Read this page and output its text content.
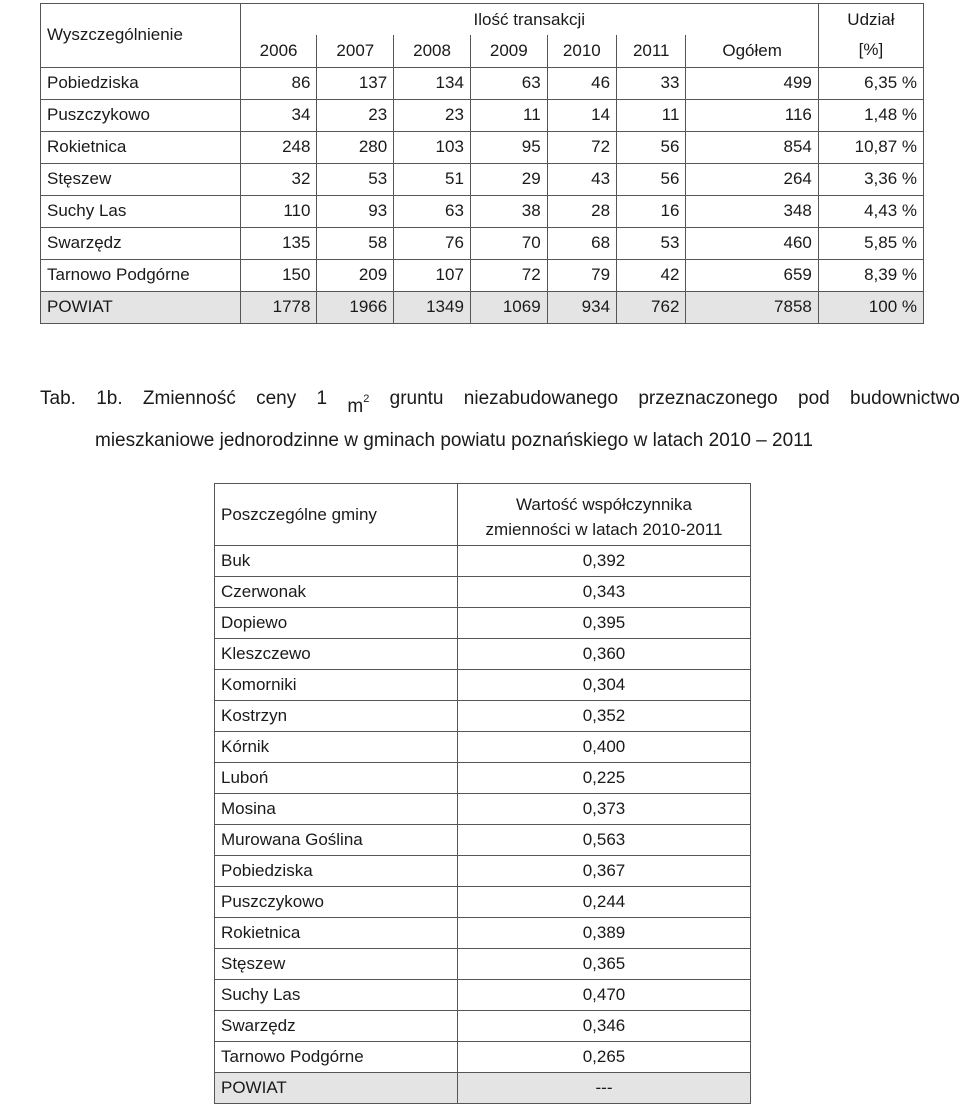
Wyszczególnienie	Ilość transakcji							Udział [%]
	2006	2007	2008	2009	2010	2011	Ogółem	
Pobiedziska	86	137	134	63	46	33	499	6,35 %
Puszczykowo	34	23	23	11	14	11	116	1,48 %
Rokietnica	248	280	103	95	72	56	854	10,87 %
Stęszew	32	53	51	29	43	56	264	3,36 %
Suchy Las	110	93	63	38	28	16	348	4,43 %
Swarzędz	135	58	76	70	68	53	460	5,85 %
Tarnowo Podgórne	150	209	107	72	79	42	659	8,39 %
POWIAT	1778	1966	1349	1069	934	762	7858	100 %
Tab. 1b. Zmienność ceny 1 $m^2$ gruntu niezabudowanego przeznaczonego pod budownictwo
mieszkaniowe jednorodzinne w gminach powiatu poznańskiego w latach 2010 – 2011
Poszczególne gminy	Wartość współczynnika
zmienności w latach 2010-2011

Buk	0,392
Czerwonak	0,343
Dopiewo	0,395
Kleszczewo	0,360
Komorniki	0,304
Kostrzyn	0,352
Kórnik	0,400
Luboń	0,225
Mosina	0,373
Murowana Goślina	0,563
Pobiedziska	0,367
Puszczykowo	0,244
Rokietnica	0,389
Stęszew	0,365
Suchy Las	0,470
Swarzędz	0,346
Tarnowo Podgórne	0,265
POWIAT	---
